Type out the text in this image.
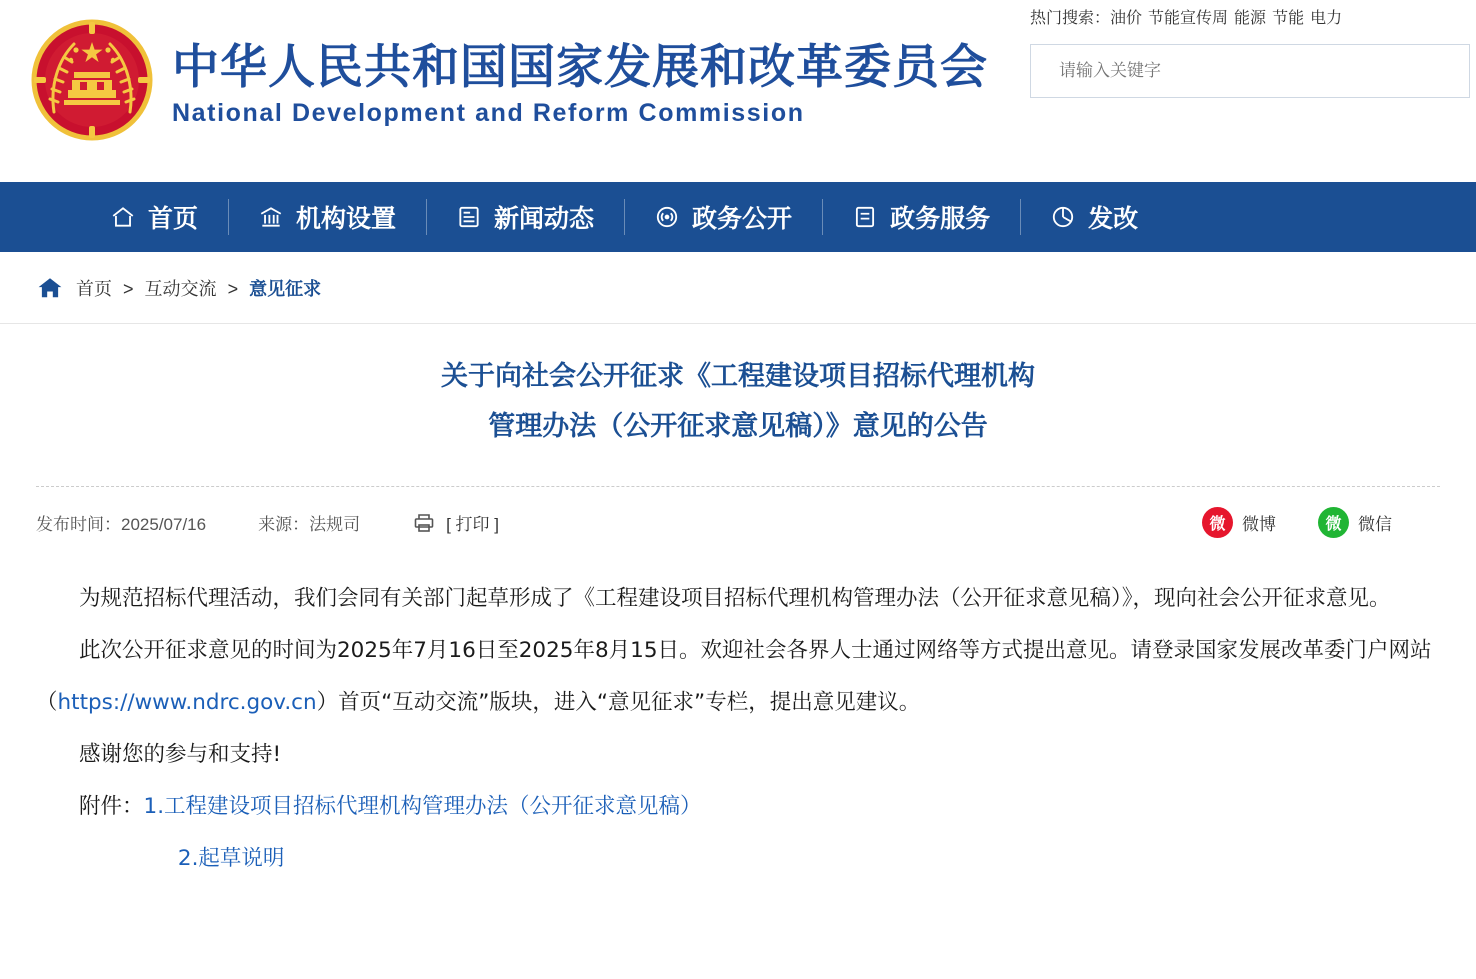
中华人民共和国国家发展和改革委员会
National Development and Reform Commission
热门搜索：油价 节能宣传周 能源 节能 电力
请输入关键字
首页	机构设置	新闻动态	政务公开	政务服务	发改
首页 > 互动交流 > 意见征求
关于向社会公开征求《工程建设项目招标代理机构
管理办法（公开征求意见稿）》意见的公告
发布时间：2025/07/16	来源：法规司	[ 打印 ]	微 微博	微 微信

为规范招标代理活动，我们会同有关部门起草形成了《工程建设项目招标代理机构管理办法（公开征求意见稿）》，现向社会公开征求意见。

此次公开征求意见的时间为2025年7月16日至2025年8月15日。欢迎社会各界人士通过网络等方式提出意见。请登录国家发展改革委门户网站（https://www.ndrc.gov.cn）首页“互动交流”版块，进入“意见征求”专栏，提出意见建议。

感谢您的参与和支持!

附件：1.工程建设项目招标代理机构管理办法（公开征求意见稿）

2.起草说明
